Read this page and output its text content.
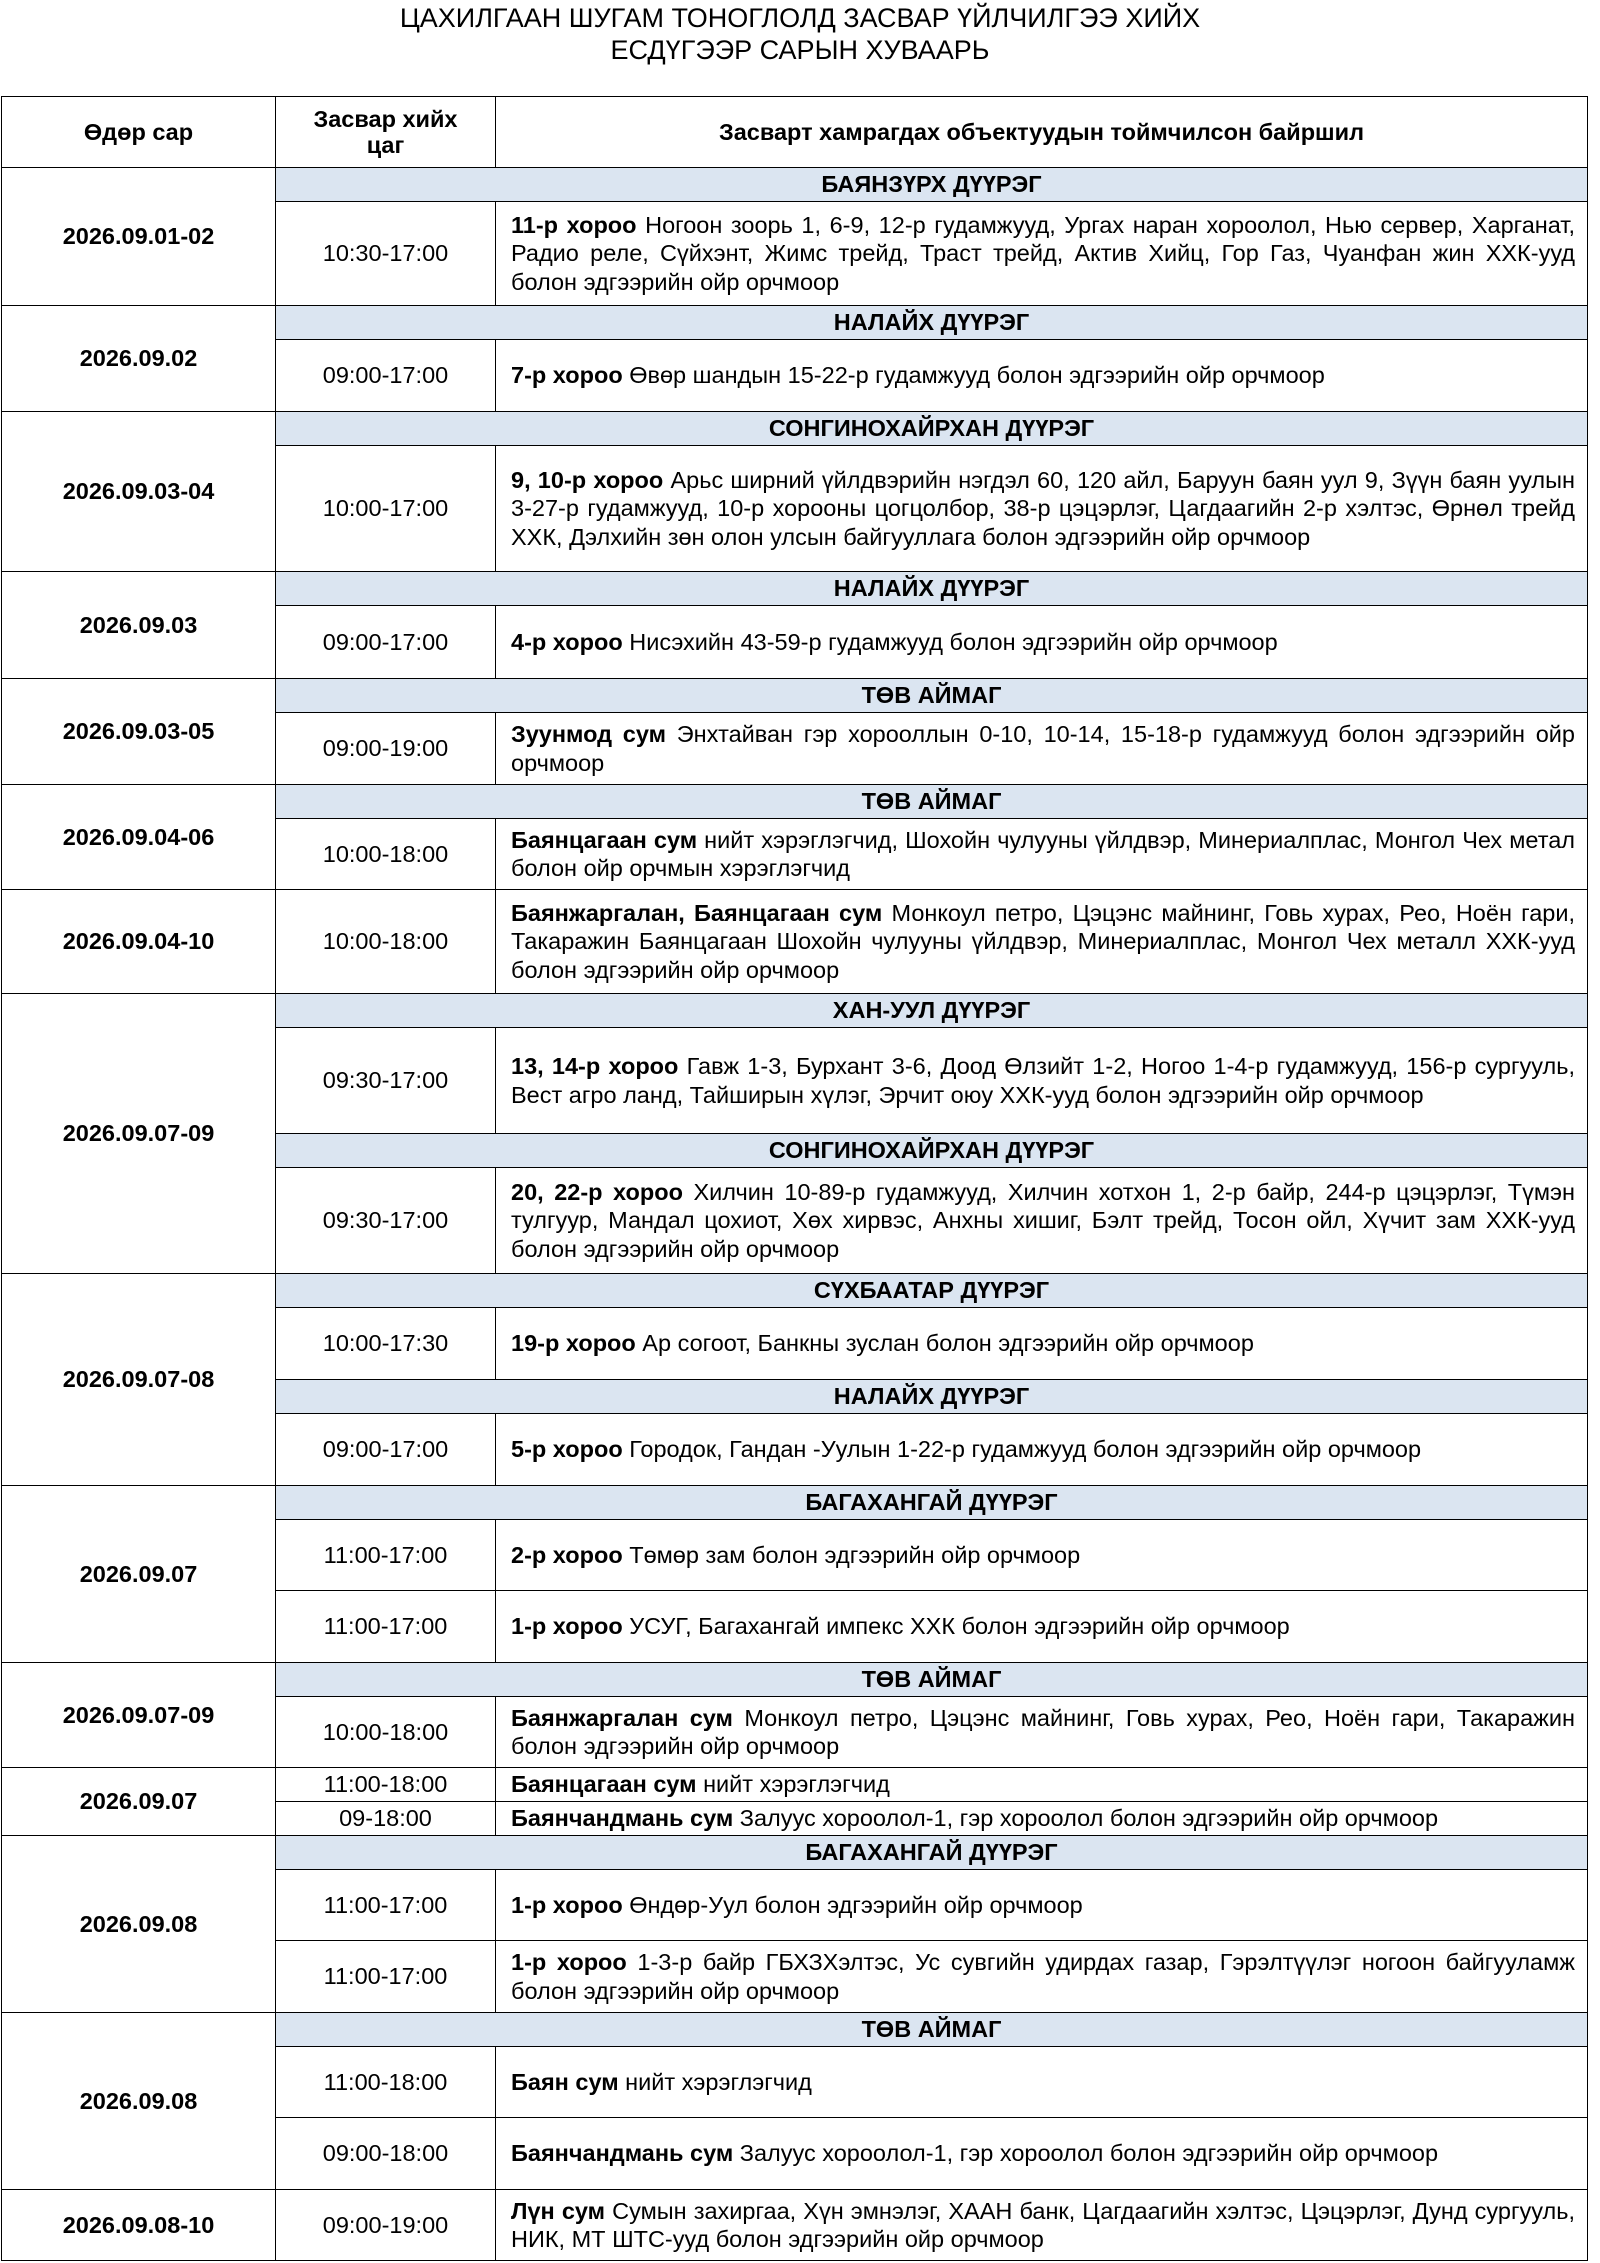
ЦАХИЛГААН ШУГАМ ТОНОГЛОЛД ЗАСВАР ҮЙЛЧИЛГЭЭ ХИЙХ
ЕСДҮГЭЭР САРЫН ХУВААРЬ
Өдөр сар	Засвар хийх цаг	Засварт хамрагдах объектуудын тоймчилсон байршил
2026.09.01-02	БАЯНЗҮРХ ДҮҮРЭГ	
	10:30-17:00	11-р хороо Ногоон зоорь 1, 6-9, 12-р гудамжууд, Ургах наран хороолол, Нью сервер, Харганат, Радио реле, Сүйхэнт, Жимс трейд, Траст трейд, Актив Хийц, Гор Газ, Чуанфан жин ХХК-ууд болон эдгээрийн ойр орчмоор
2026.09.02	НАЛАЙХ ДҮҮРЭГ	
	09:00-17:00	7-р хороо Өвөр шандын 15-22-р гудамжууд болон эдгээрийн ойр орчмоор
2026.09.03-04	СОНГИНОХАЙРХАН ДҮҮРЭГ	
	10:00-17:00	9, 10-р хороо Арьс ширний үйлдвэрийн нэгдэл 60, 120 айл, Баруун баян уул 9, Зүүн баян уулын 3-27-р гудамжууд, 10-р хорооны цогцолбор, 38-р цэцэрлэг, Цагдаагийн 2-р хэлтэс, Өрнөл трейд ХХК, Дэлхийн зөн олон улсын байгууллага болон эдгээрийн ойр орчмоор
2026.09.03	НАЛАЙХ ДҮҮРЭГ	
	09:00-17:00	4-р хороо Нисэхийн 43-59-р гудамжууд болон эдгээрийн ойр орчмоор
2026.09.03-05	ТӨВ АЙМАГ	
	09:00-19:00	Зуунмод сум Энхтайван гэр хорооллын 0-10, 10-14, 15-18-р гудамжууд болон эдгээрийн ойр орчмоор
2026.09.04-06	ТӨВ АЙМАГ	
	10:00-18:00	Баянцагаан сум нийт хэрэглэгчид, Шохойн чулууны үйлдвэр, Минериалплас, Монгол Чех метал болон ойр орчмын хэрэглэгчид
2026.09.04-10	10:00-18:00	Баянжаргалан, Баянцагаан сум Монкоул петро, Цэцэнс майнинг, Говь хурах, Рео, Ноён гари, Такаражин Баянцагаан Шохойн чулууны үйлдвэр, Минериалплас, Монгол Чех металл ХХК-ууд болон эдгээрийн ойр орчмоор
2026.09.07-09	ХАН-УУЛ ДҮҮРЭГ	
	09:30-17:00	13, 14-р хороо Гавж 1-3, Бурхант 3-6, Доод Өлзийт 1-2, Ногоо 1-4-р гудамжууд, 156-р сургууль, Вест агро ланд, Тайширын хүлэг, Эрчит оюу ХХК-ууд болон эдгээрийн ойр орчмоор
	СОНГИНОХАЙРХАН ДҮҮРЭГ	
	09:30-17:00	20, 22-р хороо Хилчин 10-89-р гудамжууд, Хилчин хотхон 1, 2-р байр, 244-р цэцэрлэг, Түмэн тулгуур, Мандал цохиот, Хөх хирвэс, Анхны хишиг, Бэлт трейд, Тосон ойл, Хүчит зам ХХК-ууд болон эдгээрийн ойр орчмоор
2026.09.07-08	СҮХБААТАР ДҮҮРЭГ	
	10:00-17:30	19-р хороо Ар согоот, Банкны зуслан болон эдгээрийн ойр орчмоор
	НАЛАЙХ ДҮҮРЭГ	
	09:00-17:00	5-р хороо Городок, Гандан -Уулын 1-22-р гудамжууд болон эдгээрийн ойр орчмоор
2026.09.07	БАГАХАНГАЙ ДҮҮРЭГ	
	11:00-17:00	2-р хороо Төмөр зам болон эдгээрийн ойр орчмоор
	11:00-17:00	1-р хороо УСУГ, Багахангай импекс ХХК болон эдгээрийн ойр орчмоор
2026.09.07-09	ТӨВ АЙМАГ	
	10:00-18:00	Баянжаргалан сум Монкоул петро, Цэцэнс майнинг, Говь хурах, Рео, Ноён гари, Такаражин болон эдгээрийн ойр орчмоор
2026.09.07	11:00-18:00	Баянцагаан сум нийт хэрэглэгчид
	09-18:00	Баянчандмань сум Залуус хороолол-1, гэр хороолол болон эдгээрийн ойр орчмоор
2026.09.08	БАГАХАНГАЙ ДҮҮРЭГ	
	11:00-17:00	1-р хороо Өндөр-Уул болон эдгээрийн ойр орчмоор
	11:00-17:00	1-р хороо 1-3-р байр ГБХЗХэлтэс, Ус сувгийн удирдах газар, Гэрэлтүүлэг ногоон байгууламж болон эдгээрийн ойр орчмоор
2026.09.08	ТӨВ АЙМАГ	
	11:00-18:00	Баян сум нийт хэрэглэгчид
	09:00-18:00	Баянчандмань сум Залуус хороолол-1, гэр хороолол болон эдгээрийн ойр орчмоор
2026.09.08-10	09:00-19:00	Лүн сум Сумын захиргаа, Хүн эмнэлэг, ХААН банк, Цагдаагийн хэлтэс, Цэцэрлэг, Дунд сургууль, НИК, МТ ШТС-ууд болон эдгээрийн ойр орчмоор
